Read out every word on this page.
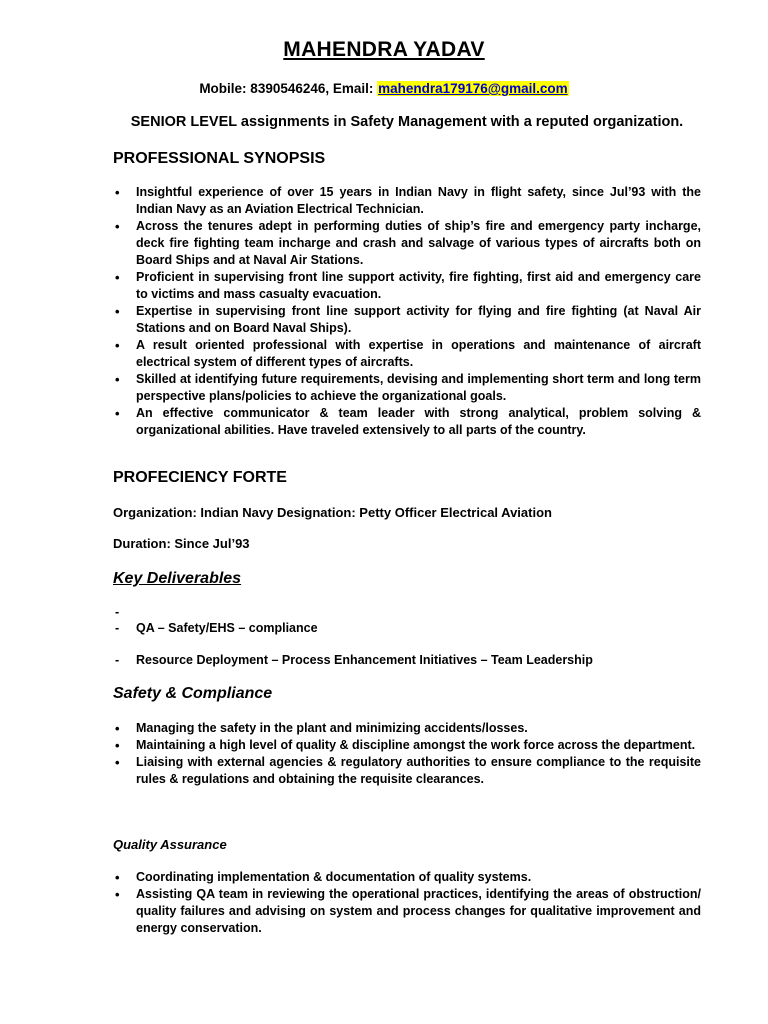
MAHENDRA YADAV
Mobile: 8390546246, Email: mahendra179176@gmail.com
SENIOR LEVEL assignments in Safety Management with a reputed organization.
PROFESSIONAL SYNOPSIS
• Insightful experience of over 15 years in Indian Navy in flight safety, since Jul’93 with the Indian Navy as an Aviation Electrical Technician.
• Across the tenures adept in performing duties of ship’s fire and emergency party incharge, deck fire fighting team incharge and crash and salvage of various types of aircrafts both on Board Ships and at Naval Air Stations.
• Proficient in supervising front line support activity, fire fighting, first aid and emergency care to victims and mass casualty evacuation.
• Expertise in supervising front line support activity for flying and fire fighting (at Naval Air Stations and on Board Naval Ships).
• A result oriented professional with expertise in operations and maintenance of aircraft electrical system of different types of aircrafts.
• Skilled at identifying future requirements, devising and implementing short term and long term perspective plans/policies to achieve the organizational goals.
• An effective communicator & team leader with strong analytical, problem solving & organizational abilities. Have traveled extensively to all parts of the country.
PROFECIENCY FORTE
Organization: Indian Navy Designation: Petty Officer Electrical Aviation
Duration: Since Jul’93
Key Deliverables
-
- QA – Safety/EHS – compliance
- Resource Deployment – Process Enhancement Initiatives – Team Leadership
Safety & Compliance
• Managing the safety in the plant and minimizing accidents/losses.
• Maintaining a high level of quality & discipline amongst the work force across the department.
• Liaising with external agencies & regulatory authorities to ensure compliance to the requisite rules & regulations and obtaining the requisite clearances.
Quality Assurance
• Coordinating implementation & documentation of quality systems.
• Assisting QA team in reviewing the operational practices, identifying the areas of obstruction/ quality failures and advising on system and process changes for qualitative improvement and energy conservation.
